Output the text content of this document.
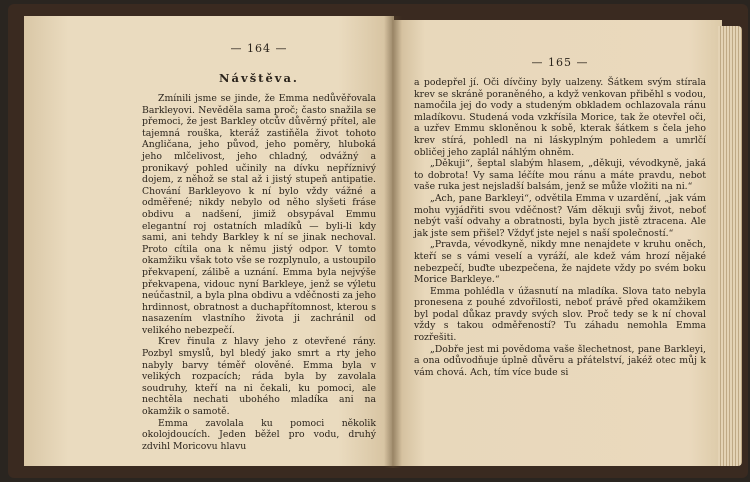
— 164 —
Návštěva.

Zmínili jsme se jinde, že Emma nedůvěřovala Barkleyovi. Nevěděla sama proč; často snažila se přemoci, že jest Barkley otcův důvěrný přítel, ale tajemná rouška, kteráž zastiňěla život tohoto Angličana, jeho původ, jeho poměry, hluboká jeho mlčelivost, jeho chladný, odvážný a pronikavý pohled učinily na dívku nepříznivý dojem, z něhož se stal až i jistý stupeň antipatie. Chování Barkleyovo k ní bylo vždy vážné a odměřené; nikdy nebylo od něho slyšeti fráse obdivu a nadšení, jimiž obsypával Emmu elegantní roj ostatních mladíků — byli-li kdy sami, ani tehdy Barkley k ní se jinak nechoval. Proto cítila ona k němu jistý odpor. V tomto okamžiku však toto vše se rozplynulo, a ustoupilo překvapení, zálibě a uznání. Emma byla nejvýše překvapena, vidouc nyní Barkleye, jenž se výletu neúčastnil, a byla plna obdivu a vděčnosti za jeho hrdinnost, obratnost a duchapřítomnost, kterou s nasazením vlastního života ji zachránil od velikého nebezpečí.

Krev řinula z hlavy jeho z otevřené rány. Pozbyl smyslů, byl bledý jako smrt a rty jeho nabyly barvy téměř olověné. Emma byla v velikých rozpacích; ráda byla by zavolala soudruhy, kteří na ni čekali, ku pomoci, ale nechtěla nechati ubohého mladíka ani na okamžik o samotě.

Emma zavolala ku pomoci několik okolojdoucích. Jeden běžel pro vodu, druhý zdvihl Moricovu hlavu

— 165 —

a podepřel jí. Oči dívčiny byly ualzeny. Šátkem svým stírala krev se skráně poraněného, a když venkovan přiběhl s vodou, namočila jej do vody a studeným obkladem ochlazovala ránu mladíkovu. Studená voda vzkřísila Morice, tak že otevřel oči, a uzřev Emmu skloněnou k sobě, kterak šátkem s čela jeho krev stírá, pohledl na ni láskyplným pohledem a umrlčí obličej jeho zaplál náhlým ohněm.

„Děkuji“, šeptal slabým hlasem, „děkuji, vévodkyně, jaká to dobrota! Vy sama léčíte mou ránu a máte pravdu, nebot vaše ruka jest nejsladší balsám, jenž se může vložiti na ni.“

„Ach, pane Barkleyi“, odvětila Emma v uzardění, „jak vám mohu vyjádřiti svou vděčnost? Vám děkuji svůj život, neboť nebýt vaší odvahy a obratnosti, byla bych jistě ztracena. Ale jak jste sem přišel? Vždyť jste nejel s naší společností.“

„Pravda, vévodkyně, nikdy mne nenajdete v kruhu oněch, kteří se s vámi veselí a vyráží, ale kdež vám hrozí nějaké nebezpečí, buďte ubezpečena, že najdete vždy po svém boku Morice Barkleye.“

Emma pohlédla v úžasnutí na mladíka. Slova tato nebyla pronesena z pouhé zdvořilosti, neboť právě před okamžikem byl podal důkaz pravdy svých slov. Proč tedy se k ní choval vždy s takou odměřeností? Tu záhadu nemohla Emma rozřešiti.

„Dobře jest mi povědoma vaše šlechetnost, pane Barkleyi, a ona odůvodňuje úplně důvěru a přátelství, jakéž otec můj k vám chová. Ach, tím více bude si
